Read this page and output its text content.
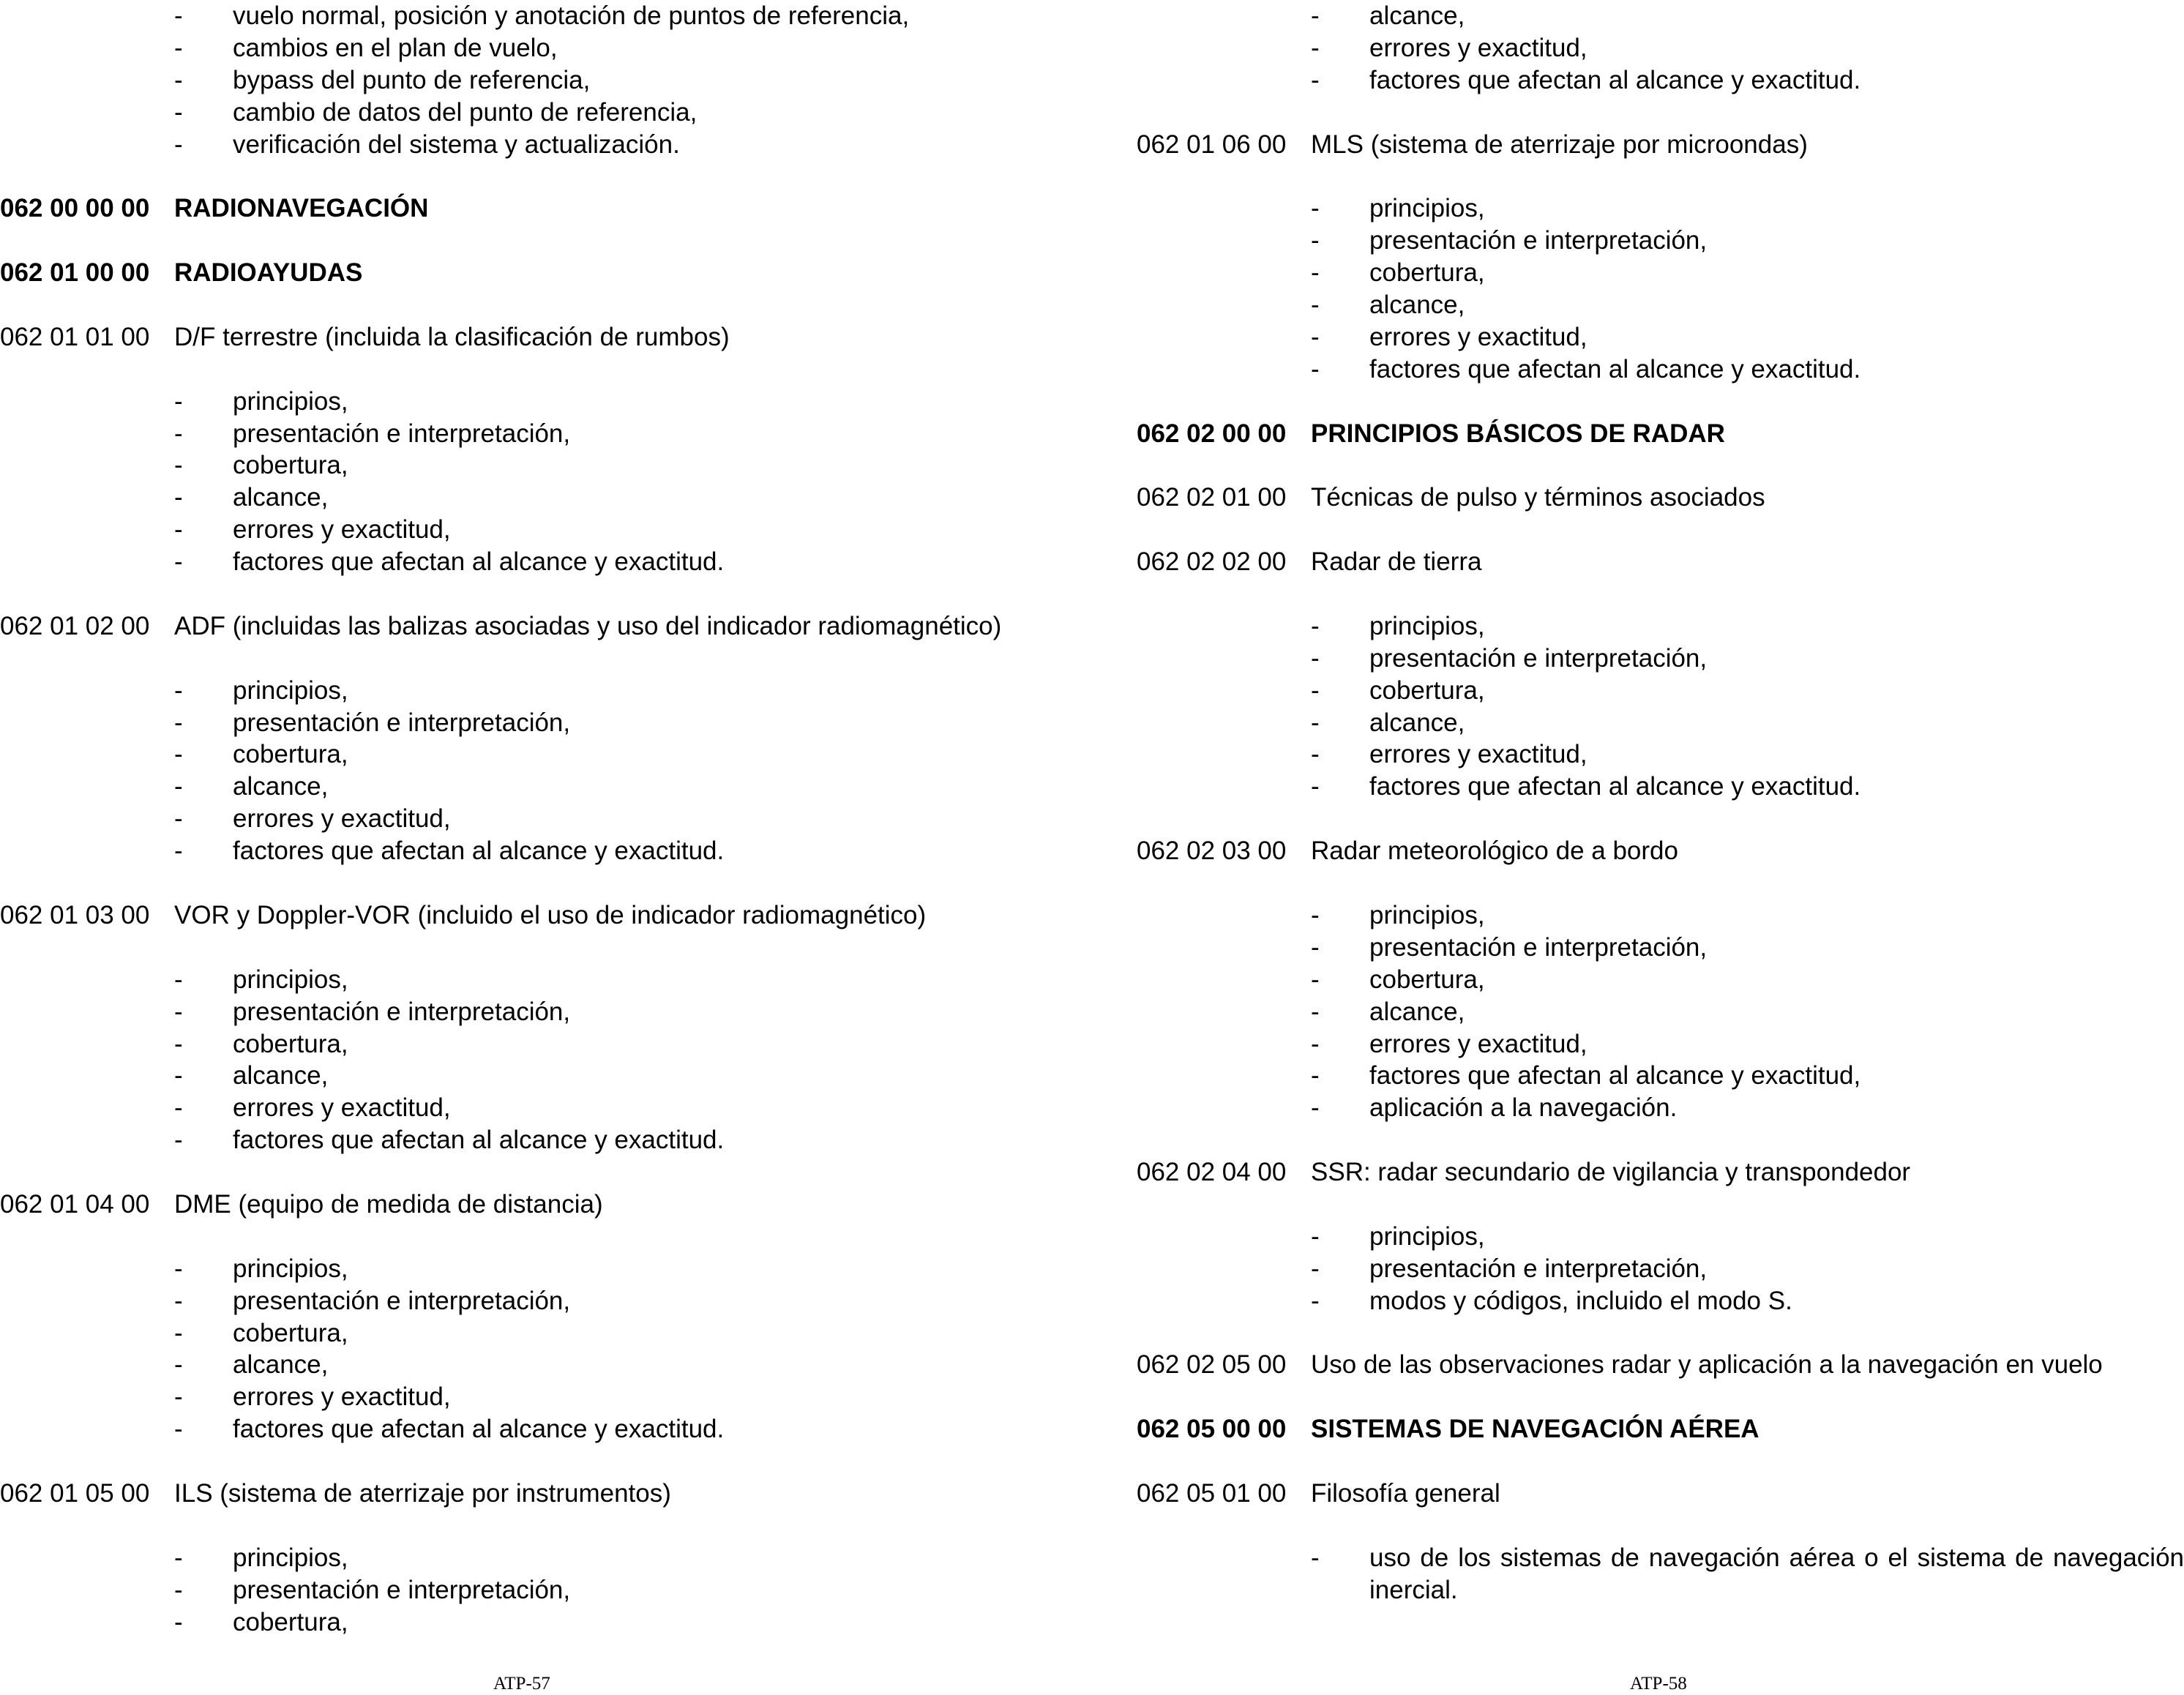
- vuelo normal, posición y anotación de puntos de referencia,
- cambios en el plan de vuelo,
- bypass del punto de referencia,
- cambio de datos del punto de referencia,
- verificación del sistema y actualización.
062 00 00 00 RADIONAVEGACIÓN
062 01 00 00 RADIOAYUDAS
062 01 01 00 D/F terrestre (incluida la clasificación de rumbos)
- principios,
- presentación e interpretación,
- cobertura,
- alcance,
- errores y exactitud,
- factores que afectan al alcance y exactitud.
062 01 02 00 ADF (incluidas las balizas asociadas y uso del indicador radiomagnético)
- principios,
- presentación e interpretación,
- cobertura,
- alcance,
- errores y exactitud,
- factores que afectan al alcance y exactitud.
062 01 03 00 VOR y Doppler-VOR (incluido el uso de indicador radiomagnético)
- principios,
- presentación e interpretación,
- cobertura,
- alcance,
- errores y exactitud,
- factores que afectan al alcance y exactitud.
062 01 04 00 DME (equipo de medida de distancia)
- principios,
- presentación e interpretación,
- cobertura,
- alcance,
- errores y exactitud,
- factores que afectan al alcance y exactitud.
062 01 05 00 ILS (sistema de aterrizaje por instrumentos)
- principios,
- presentación e interpretación,
- cobertura,
- alcance,
- errores y exactitud,
- factores que afectan al alcance y exactitud.
062 01 06 00 MLS (sistema de aterrizaje por microondas)
- principios,
- presentación e interpretación,
- cobertura,
- alcance,
- errores y exactitud,
- factores que afectan al alcance y exactitud.
062 02 00 00 PRINCIPIOS BÁSICOS DE RADAR
062 02 01 00 Técnicas de pulso y términos asociados
062 02 02 00 Radar de tierra
- principios,
- presentación e interpretación,
- cobertura,
- alcance,
- errores y exactitud,
- factores que afectan al alcance y exactitud.
062 02 03 00 Radar meteorológico de a bordo
- principios,
- presentación e interpretación,
- cobertura,
- alcance,
- errores y exactitud,
- factores que afectan al alcance y exactitud,
- aplicación a la navegación.
062 02 04 00 SSR: radar secundario de vigilancia y transpondedor
- principios,
- presentación e interpretación,
- modos y códigos, incluido el modo S.
062 02 05 00 Uso de las observaciones radar y aplicación a la navegación en vuelo
062 05 00 00 SISTEMAS DE NAVEGACIÓN AÉREA
062 05 01 00 Filosofía general
- uso de los sistemas de navegación aérea o el sistema de navegación inercial.
ATP-57	ATP-58
